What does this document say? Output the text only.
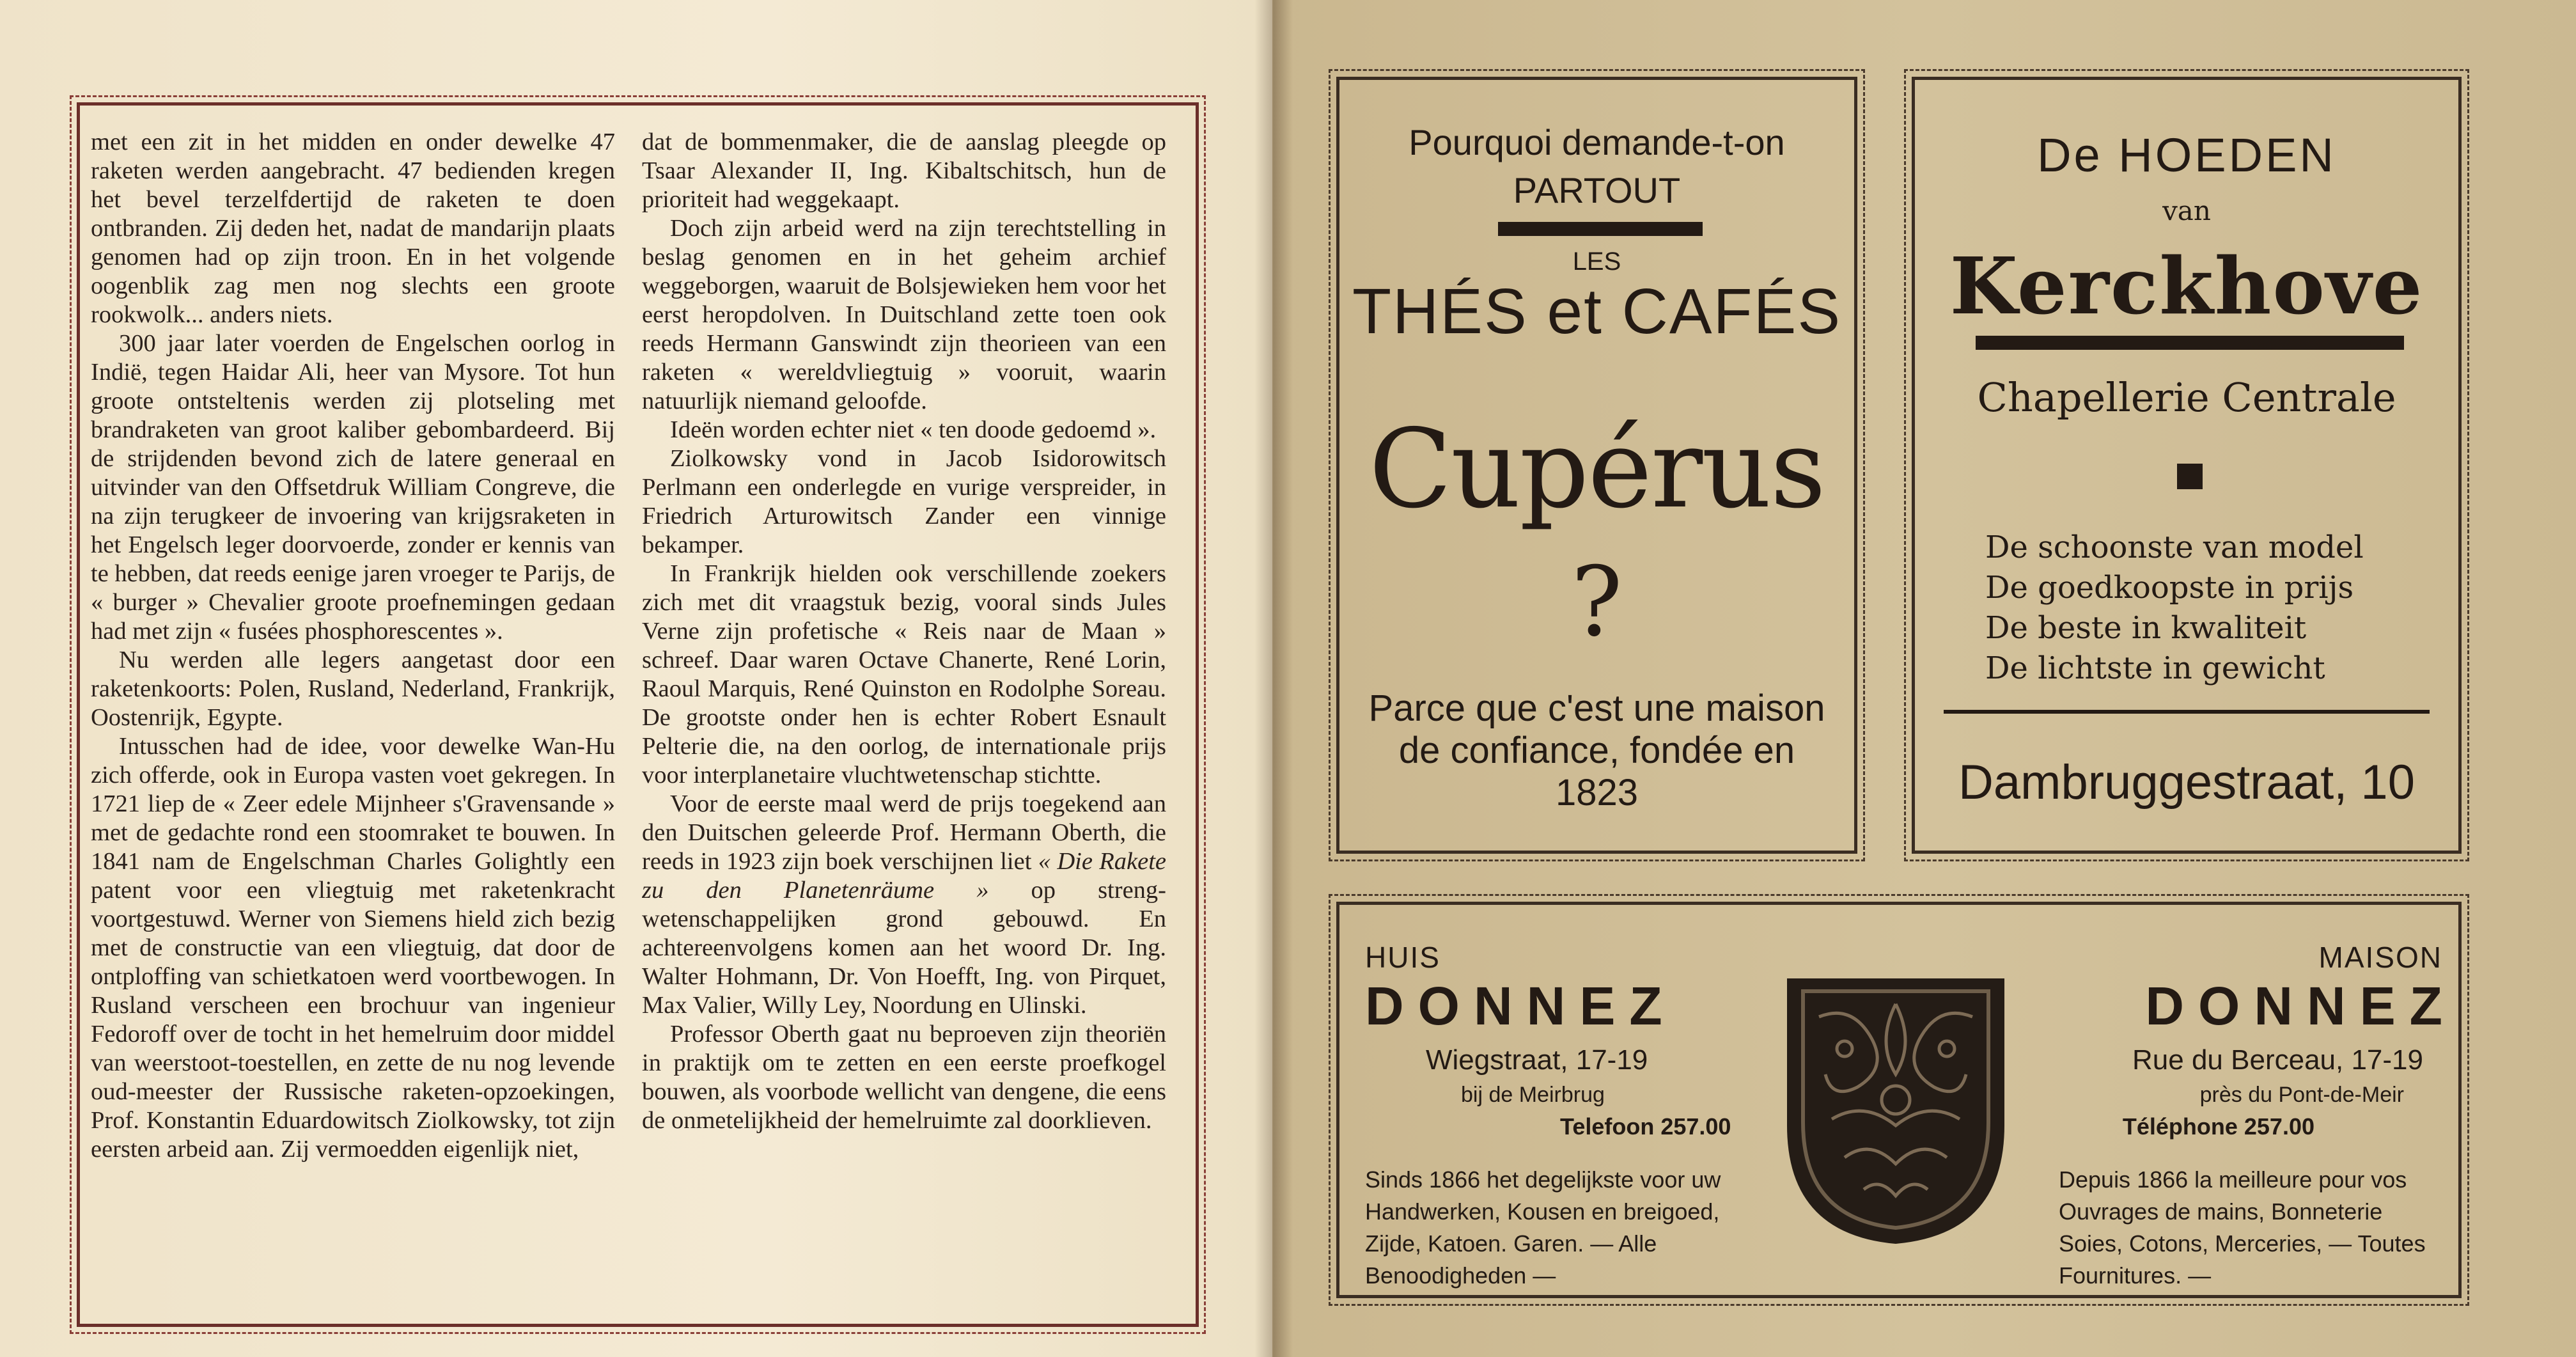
met een zit in het midden en onder dewelke 47 raketen werden aangebracht. 47 bedienden kregen het bevel terzelfdertijd de raketen te doen ontbranden. Zij deden het, nadat de mandarijn plaats genomen had op zijn troon. En in het volgende oogenblik zag men nog slechts een groote rookwolk... anders niets.

300 jaar later voerden de Engelschen oorlog in Indië, tegen Haidar Ali, heer van Mysore. Tot hun groote ontsteltenis werden zij plotseling met brandraketen van groot kaliber gebombardeerd. Bij de strijdenden bevond zich de latere generaal en uitvinder van den Offsetdruk William Congreve, die na zijn terugkeer de invoering van krijgsraketen in het Engelsch leger doorvoerde, zonder er kennis van te hebben, dat reeds eenige jaren vroeger te Parijs, de « burger » Chevalier groote proefnemingen gedaan had met zijn « fusées phosphorescentes ».

Nu werden alle legers aangetast door een raketenkoorts: Polen, Rusland, Nederland, Frankrijk, Oostenrijk, Egypte.

Intusschen had de idee, voor dewelke Wan-Hu zich offerde, ook in Europa vasten voet gekregen. In 1721 liep de « Zeer edele Mijnheer s'Gravensande » met de gedachte rond een stoomraket te bouwen. In 1841 nam de Engelschman Charles Golightly een patent voor een vliegtuig met raketenkracht voortgestuwd. Werner von Siemens hield zich bezig met de constructie van een vliegtuig, dat door de ontploffing van schietkatoen werd voortbewogen. In Rusland verscheen een brochuur van ingenieur Fedoroff over de tocht in het hemelruim door middel van weerstoot-toestellen, en zette de nu nog levende oud-meester der Russische raketen-opzoekingen, Prof. Konstantin Eduardowitsch Ziolkowsky, tot zijn eersten arbeid aan. Zij vermoedden eigenlijk niet,

dat de bommenmaker, die de aanslag pleegde op Tsaar Alexander II, Ing. Kibaltschitsch, hun de prioriteit had weggekaapt.

Doch zijn arbeid werd na zijn terechtstelling in beslag genomen en in het geheim archief weggeborgen, waaruit de Bolsjewieken hem voor het eerst heropdolven. In Duitschland zette toen ook reeds Hermann Ganswindt zijn theorieen van een raketen « wereldvliegtuig » vooruit, waarin natuurlijk niemand geloofde.

Ideën worden echter niet « ten doode gedoemd ».

Ziolkowsky vond in Jacob Isidorowitsch Perlmann een onderlegde en vurige verspreider, in Friedrich Arturowitsch Zander een vinnige bekamper.

In Frankrijk hielden ook verschillende zoekers zich met dit vraagstuk bezig, vooral sinds Jules Verne zijn profetische « Reis naar de Maan » schreef. Daar waren Octave Chanerte, René Lorin, Raoul Marquis, René Quinston en Rodolphe Soreau. De grootste onder hen is echter Robert Esnault Pelterie die, na den oorlog, de internationale prijs voor interplanetaire vluchtwetenschap stichtte.

Voor de eerste maal werd de prijs toegekend aan den Duitschen geleerde Prof. Hermann Oberth, die reeds in 1923 zijn boek verschijnen liet « Die Rakete zu den Planetenräume » op streng-wetenschappelijken grond gebouwd. En achtereenvolgens komen aan het woord Dr. Ing. Walter Hohmann, Dr. Von Hoefft, Ing. von Pirquet, Max Valier, Willy Ley, Noordung en Ulinski.

Professor Oberth gaat nu beproeven zijn theoriën in praktijk om te zetten en een eerste proefkogel bouwen, als voorbode wellicht van dengene, die eens de onmetelijkheid der hemelruimte zal doorklieven.

Pourquoi demande-t-on
PARTOUT
LES
THÉS et CAFÉS
Cupérus
?
Parce que c'est une maison de confiance, fondée en 1823
De HOEDEN
van
Kerckhove
Chapellerie Centrale
De schoonste van model
De goedkoopste in prijs
De beste in kwaliteit
De lichtste in gewicht
Dambruggestraat, 10
HUIS
DONNEZ
Wiegstraat, 17-19
bij de Meirbrug
Telefoon 257.00
Sinds 1866 het degelijkste voor uw Handwerken, Kousen en breigoed, Zijde, Katoen. Garen. — Alle Benoodigheden —
MAISON
DONNEZ
Rue du Berceau, 17-19
près du Pont-de-Meir
Téléphone 257.00
Depuis 1866 la meilleure pour vos Ouvrages de mains, Bonneterie Soies, Cotons, Merceries, — Toutes Fournitures. —
